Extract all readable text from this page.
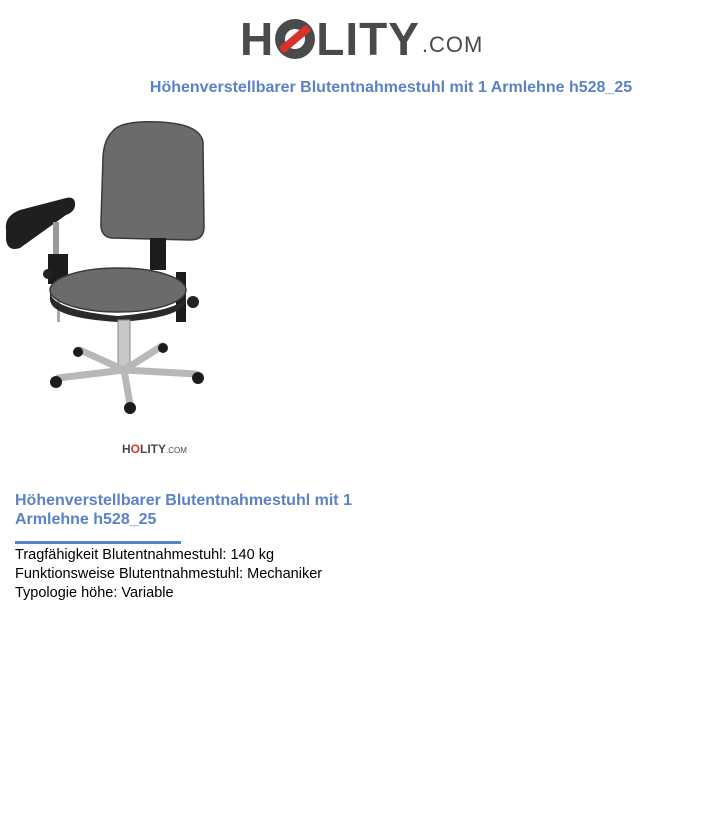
H LITY .COM
Höhenverstellbarer Blutentnahmestuhl mit 1 Armlehne h528_25
HOLITY.COM
Höhenverstellbarer Blutentnahmestuhl mit 1 Armlehne h528_25
Tragfähigkeit Blutentnahmestuhl: 140 kg
Funktionsweise Blutentnahmestuhl: Mechaniker
Typologie höhe: Variable
